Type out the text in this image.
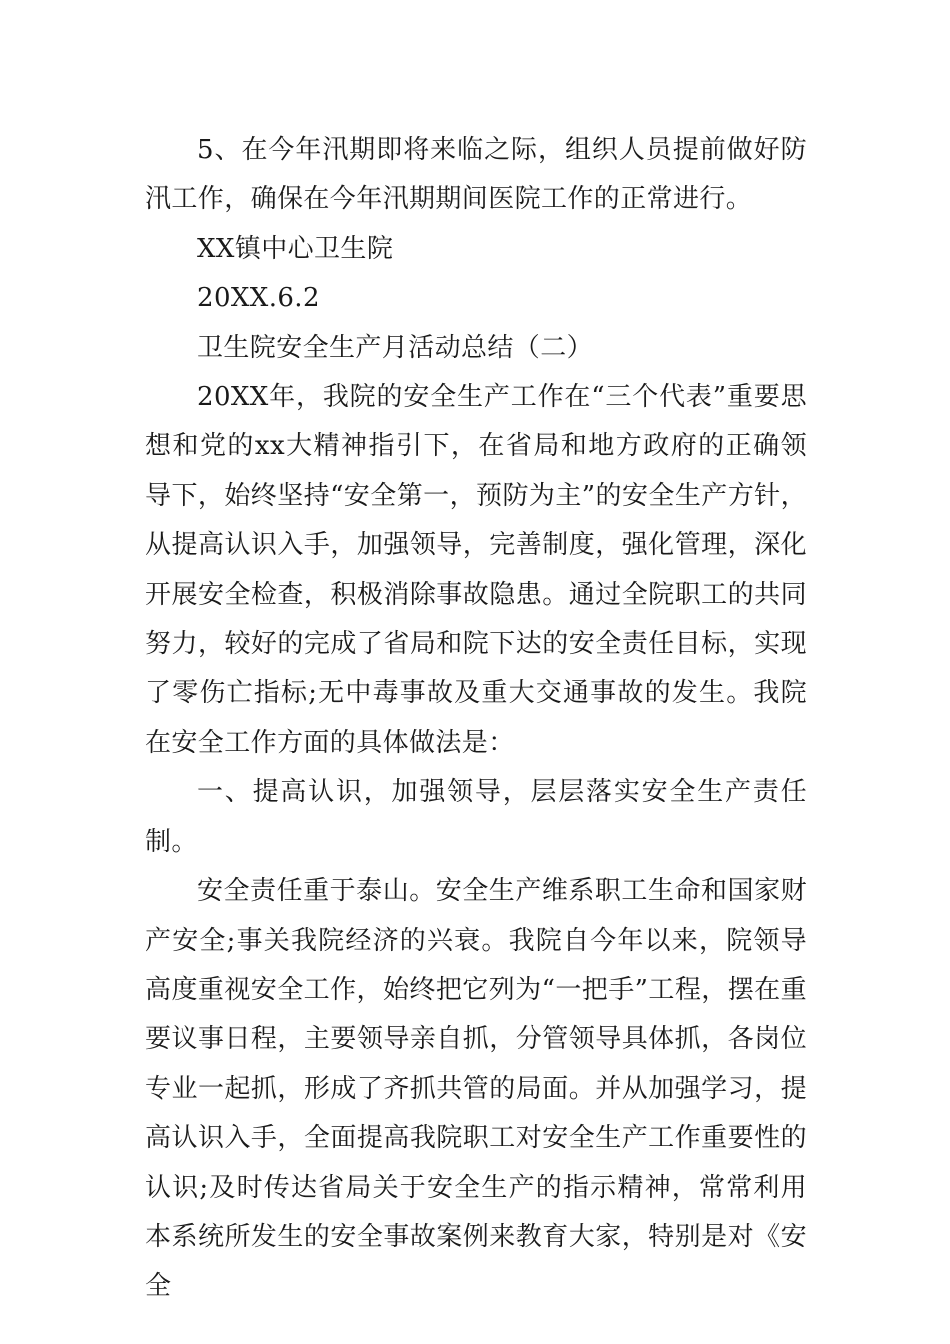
5、在今年汛期即将来临之际，组织人员提前做好防汛工作，确保在今年汛期期间医院工作的正常进行。

XX镇中心卫生院

20XX.6.2

卫生院安全生产月活动总结（二）

20XX年，我院的安全生产工作在“三个代表”重要思想和党的xx大精神指引下，在省局和地方政府的正确领导下，始终坚持“安全第一，预防为主”的安全生产方针，从提高认识入手，加强领导，完善制度，强化管理，深化开展安全检查，积极消除事故隐患。通过全院职工的共同努力，较好的完成了省局和院下达的安全责任目标，实现了零伤亡指标;无中毒事故及重大交通事故的发生。我院在安全工作方面的具体做法是：

一、提高认识，加强领导，层层落实安全生产责任制。

安全责任重于泰山。安全生产维系职工生命和国家财产安全;事关我院经济的兴衰。我院自今年以来，院领导高度重视安全工作，始终把它列为“一把手”工程，摆在重要议事日程，主要领导亲自抓，分管领导具体抓，各岗位专业一起抓，形成了齐抓共管的局面。并从加强学习，提高认识入手，全面提高我院职工对安全生产工作重要性的认识;及时传达省局关于安全生产的指示精神，常常利用本系统所发生的安全事故案例来教育大家，特别是对《安全
